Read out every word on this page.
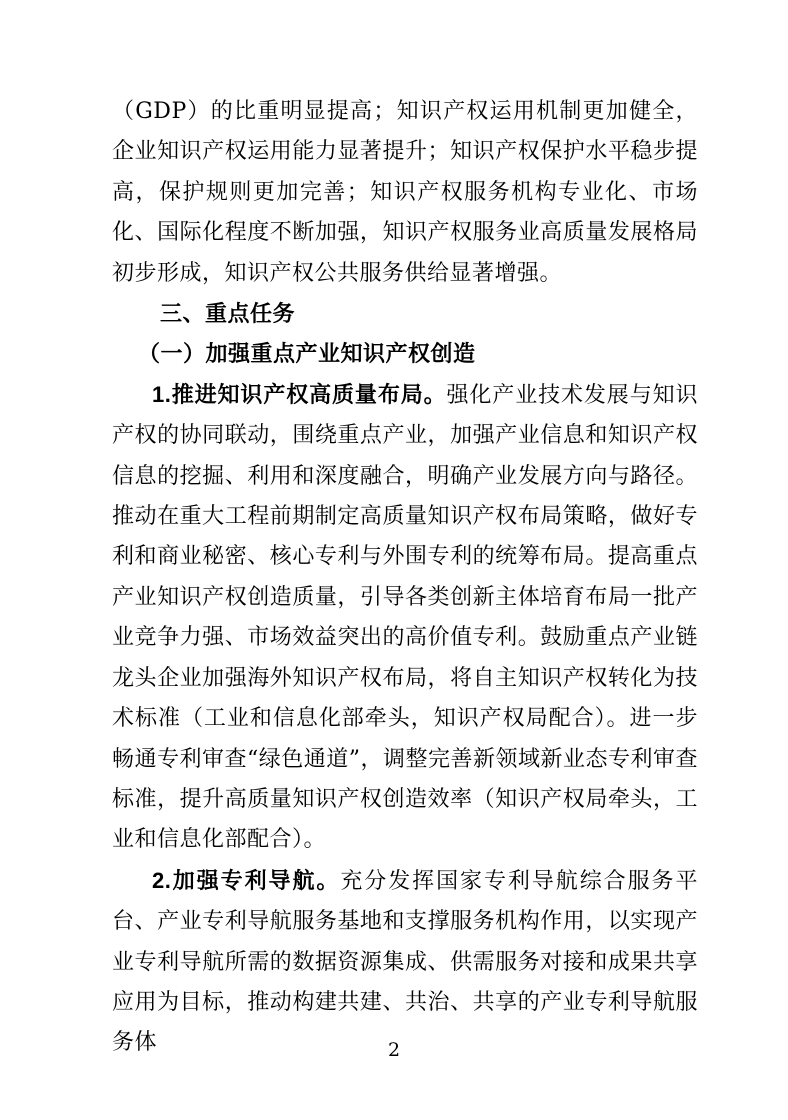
（GDP）的比重明显提高；知识产权运用机制更加健全，企业知识产权运用能力显著提升；知识产权保护水平稳步提高，保护规则更加完善；知识产权服务机构专业化、市场化、国际化程度不断加强，知识产权服务业高质量发展格局初步形成，知识产权公共服务供给显著增强。

三、重点任务

（一）加强重点产业知识产权创造

1.推进知识产权高质量布局。强化产业技术发展与知识产权的协同联动，围绕重点产业，加强产业信息和知识产权信息的挖掘、利用和深度融合，明确产业发展方向与路径。推动在重大工程前期制定高质量知识产权布局策略，做好专利和商业秘密、核心专利与外围专利的统筹布局。提高重点产业知识产权创造质量，引导各类创新主体培育布局一批产业竞争力强、市场效益突出的高价值专利。鼓励重点产业链龙头企业加强海外知识产权布局，将自主知识产权转化为技术标准（工业和信息化部牵头，知识产权局配合）。进一步畅通专利审查“绿色通道”，调整完善新领域新业态专利审查标准，提升高质量知识产权创造效率（知识产权局牵头，工业和信息化部配合）。

2.加强专利导航。充分发挥国家专利导航综合服务平台、产业专利导航服务基地和支撑服务机构作用，以实现产业专利导航所需的数据资源集成、供需服务对接和成果共享应用为目标，推动构建共建、共治、共享的产业专利导航服务体	2
